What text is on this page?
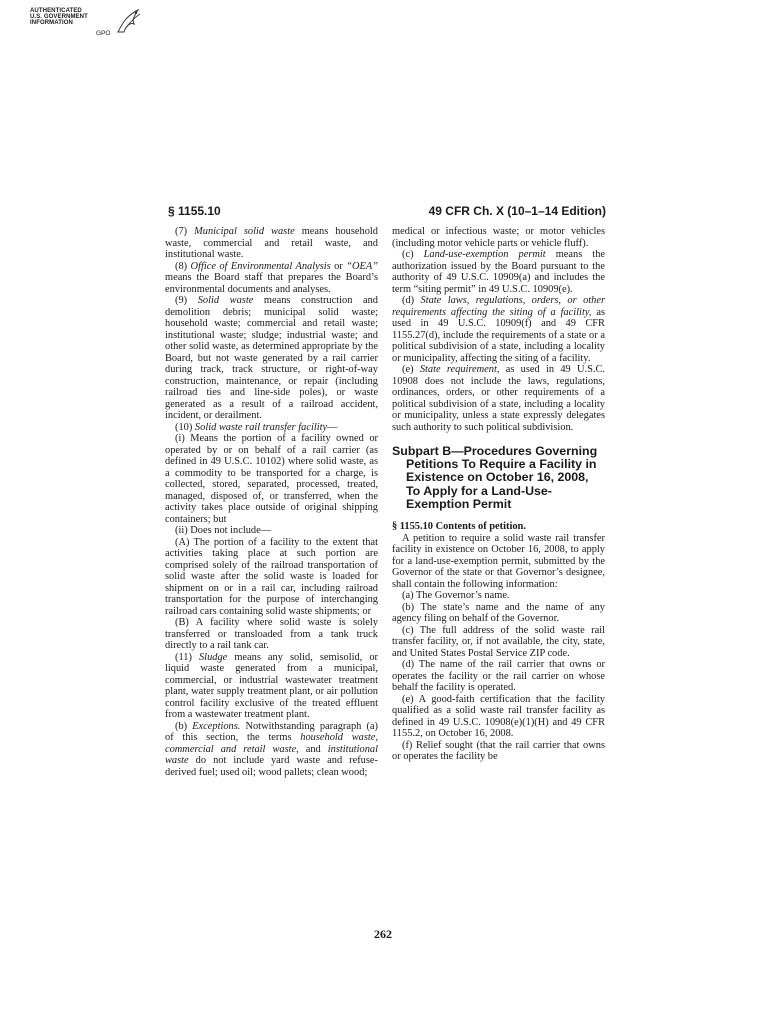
AUTHENTICATED
U.S. GOVERNMENT
INFORMATION
GPO
§ 1155.10	49 CFR Ch. X (10–1–14 Edition)

(7) Municipal solid waste means household waste, commercial and retail waste, and institutional waste.

(8) Office of Environmental Analysis or “OEA” means the Board staff that prepares the Board’s environmental documents and analyses.

(9) Solid waste means construction and demolition debris; municipal solid waste; household waste; commercial and retail waste; institutional waste; sludge; industrial waste; and other solid waste, as determined appropriate by the Board, but not waste generated by a rail carrier during track, track structure, or right-of-way construction, maintenance, or repair (including railroad ties and line-side poles), or waste generated as a result of a railroad accident, incident, or derailment.

(10) Solid waste rail transfer facility—

(i) Means the portion of a facility owned or operated by or on behalf of a rail carrier (as defined in 49 U.S.C. 10102) where solid waste, as a commodity to be transported for a charge, is collected, stored, separated, processed, treated, managed, disposed of, or transferred, when the activity takes place outside of original shipping containers; but

(ii) Does not include—

(A) The portion of a facility to the extent that activities taking place at such portion are comprised solely of the railroad transportation of solid waste after the solid waste is loaded for shipment on or in a rail car, including railroad transportation for the purpose of interchanging railroad cars containing solid waste shipments; or

(B) A facility where solid waste is solely transferred or transloaded from a tank truck directly to a rail tank car.

(11) Sludge means any solid, semisolid, or liquid waste generated from a municipal, commercial, or industrial wastewater treatment plant, water supply treatment plant, or air pollution control facility exclusive of the treated effluent from a wastewater treatment plant.

(b) Exceptions. Notwithstanding paragraph (a) of this section, the terms household waste, commercial and retail waste, and institutional waste do not include yard waste and refuse-derived fuel; used oil; wood pallets; clean wood;

medical or infectious waste; or motor vehicles (including motor vehicle parts or vehicle fluff).

(c) Land-use-exemption permit means the authorization issued by the Board pursuant to the authority of 49 U.S.C. 10909(a) and includes the term “siting permit” in 49 U.S.C. 10909(e).

(d) State laws, regulations, orders, or other requirements affecting the siting of a facility, as used in 49 U.S.C. 10909(f) and 49 CFR 1155.27(d), include the requirements of a state or a political subdivision of a state, including a locality or municipality, affecting the siting of a facility.

(e) State requirement, as used in 49 U.S.C. 10908 does not include the laws, regulations, ordinances, orders, or other requirements of a political subdivision of a state, including a locality or municipality, unless a state expressly delegates such authority to such political subdivision.

Subpart B—Procedures Governing Petitions To Require a Facility in Existence on October 16, 2008, To Apply for a Land-Use-Exemption Permit

§ 1155.10 Contents of petition.

A petition to require a solid waste rail transfer facility in existence on October 16, 2008, to apply for a land-use-exemption permit, submitted by the Governor of the state or that Governor’s designee, shall contain the following information:

(a) The Governor’s name.

(b) The state’s name and the name of any agency filing on behalf of the Governor.

(c) The full address of the solid waste rail transfer facility, or, if not available, the city, state, and United States Postal Service ZIP code.

(d) The name of the rail carrier that owns or operates the facility or the rail carrier on whose behalf the facility is operated.

(e) A good-faith certification that the facility qualified as a solid waste rail transfer facility as defined in 49 U.S.C. 10908(e)(1)(H) and 49 CFR 1155.2, on October 16, 2008.

(f) Relief sought (that the rail carrier that owns or operates the facility be

262
